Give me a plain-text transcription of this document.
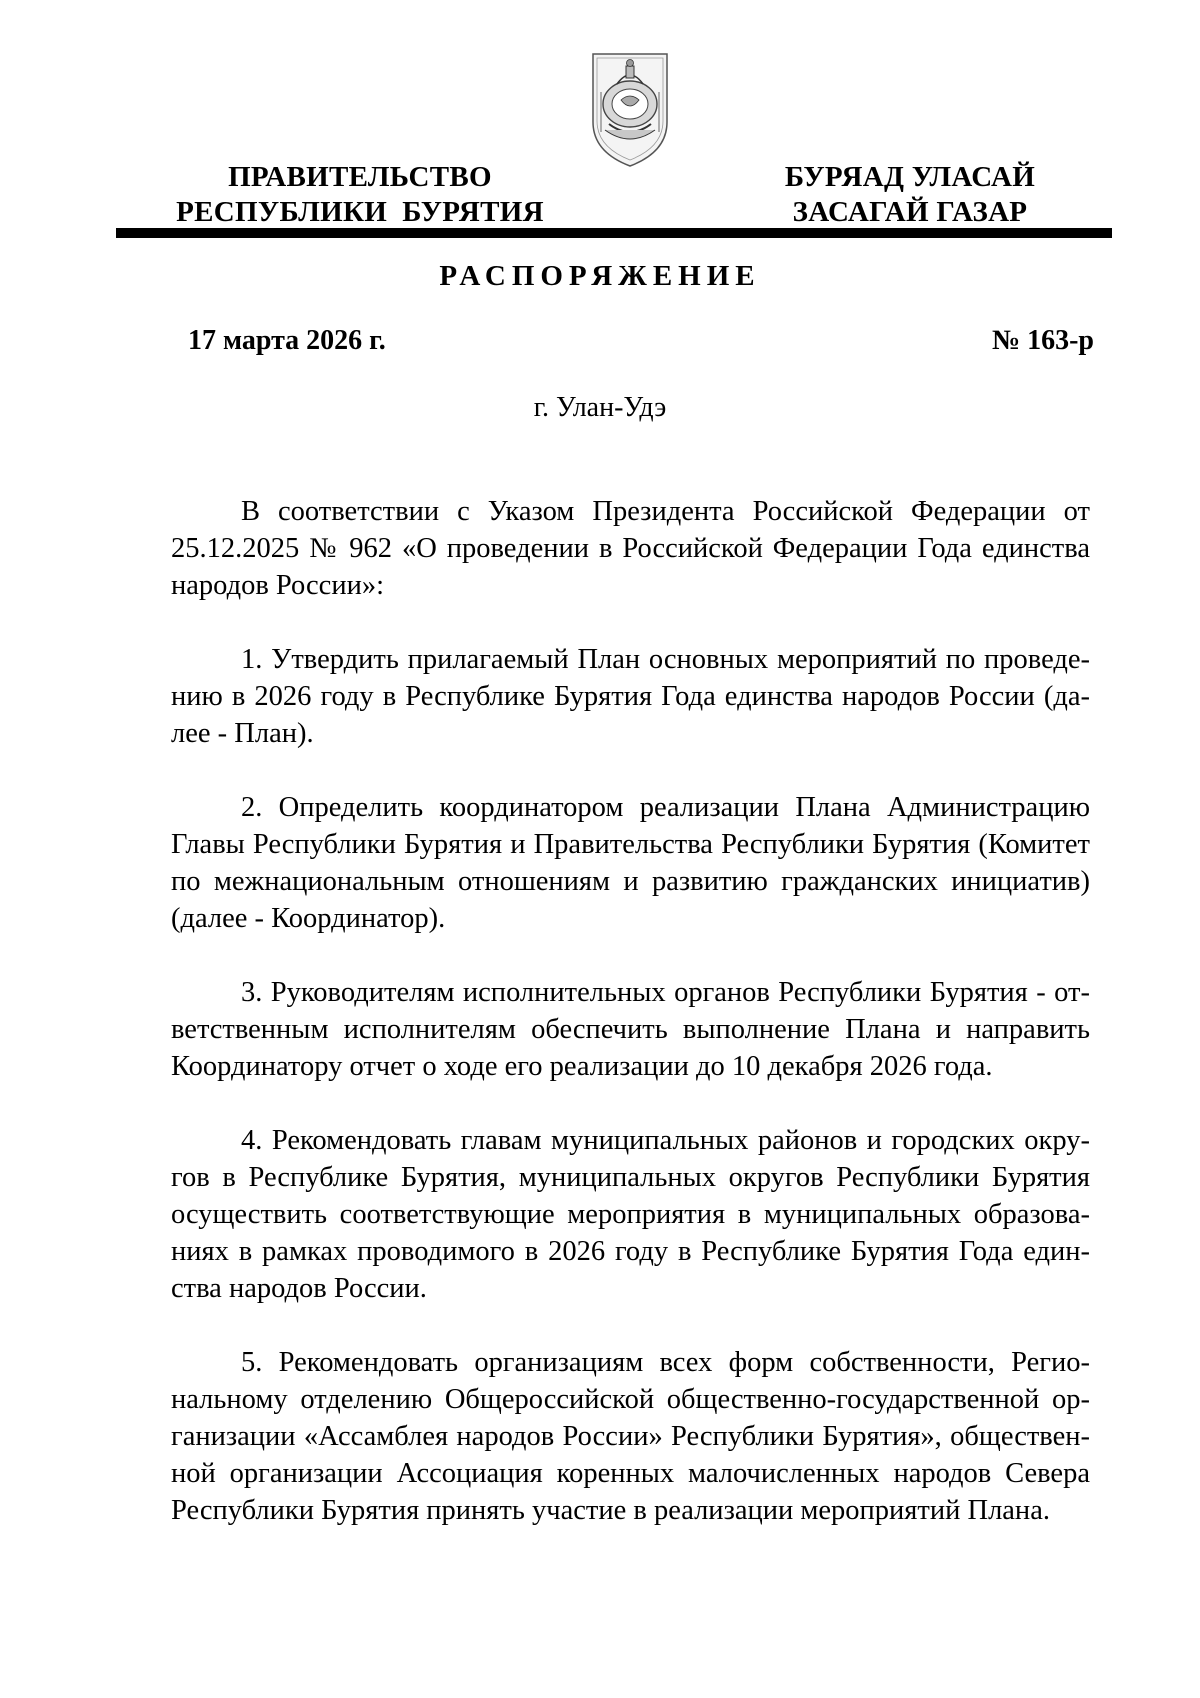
ПРАВИТЕЛЬСТВО
РЕСПУБЛИКИ  БУРЯТИЯ
БУРЯАД УЛАСАЙ
ЗАСАГАЙ ГАЗАР
РАСПОРЯЖЕНИЕ
17 марта 2026 г.	№ 163-р
г. Улан-Удэ

В соответствии с Указом Президента Российской Федерации от 25.12.2025 № 962 «О проведении в Российской Федерации Года единства народов России»:

1. Утвердить прилагаемый План основных мероприятий по проведению в 2026 году в Республике Бурятия Года единства народов России (далее - План).

2. Определить координатором реализации Плана Администрацию Главы Республики Бурятия и Правительства Республики Бурятия (Комитет по межнациональным отношениям и развитию гражданских инициатив) (далее - Координатор).

3. Руководителям исполнительных органов Республики Бурятия - ответственным исполнителям обеспечить выполнение Плана и направить Координатору отчет о ходе его реализации до 10 декабря 2026 года.

4. Рекомендовать главам муниципальных районов и городских округов в Республике Бурятия, муниципальных округов Республики Бурятия осуществить соответствующие мероприятия в муниципальных образованиях в рамках проводимого в 2026 году в Республике Бурятия Года единства народов России.

5. Рекомендовать организациям всех форм собственности, Региональному отделению Общероссийской общественно-государственной организации «Ассамблея народов России» Республики Бурятия», общественной организации Ассоциация коренных малочисленных народов Севера Республики Бурятия принять участие в реализации мероприятий Плана.
